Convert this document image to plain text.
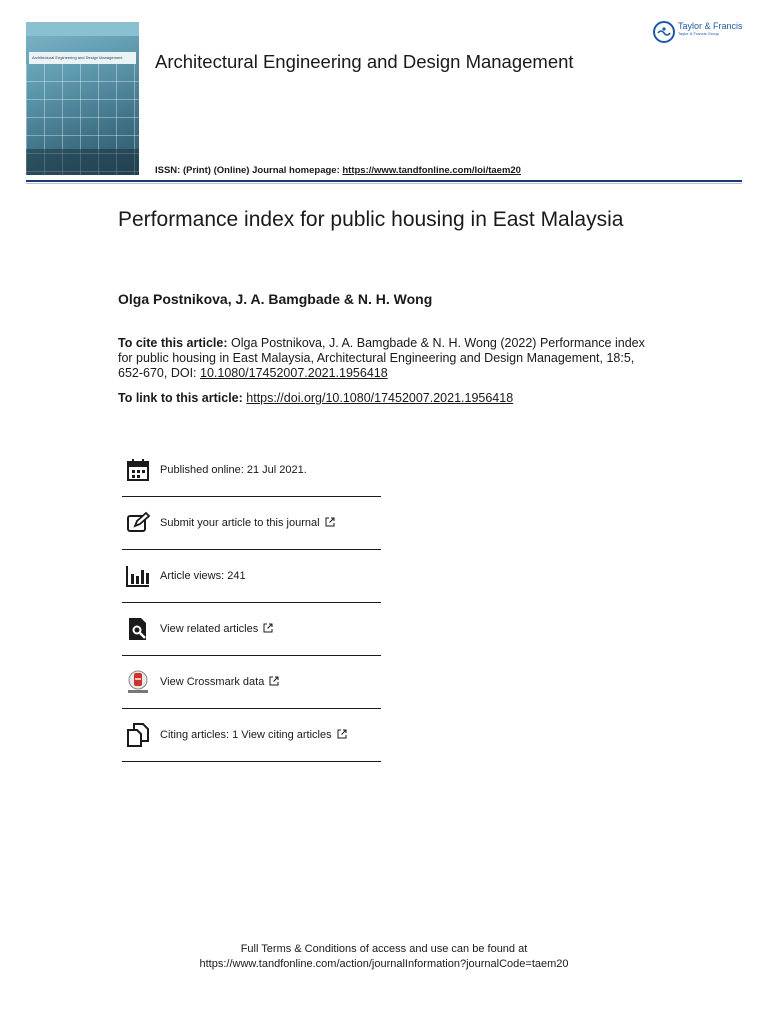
Architectural Engineering and Design Management
Taylor & Francis
Taylor & Francis Group
Architectural Engineering and Design Management
ISSN: (Print) (Online) Journal homepage: https://www.tandfonline.com/loi/taem20
Performance index for public housing in East Malaysia
Olga Postnikova, J. A. Bamgbade & N. H. Wong
To cite this article: Olga Postnikova, J. A. Bamgbade & N. H. Wong (2022) Performance index for public housing in East Malaysia, Architectural Engineering and Design Management, 18:5, 652-670, DOI: 10.1080/17452007.2021.1956418
To link to this article: https://doi.org/10.1080/17452007.2021.1956418
Published online: 21 Jul 2021.
Submit your article to this journal
Article views: 241
View related articles
View Crossmark data
Citing articles: 1 View citing articles
Full Terms & Conditions of access and use can be found at
https://www.tandfonline.com/action/journalInformation?journalCode=taem20
